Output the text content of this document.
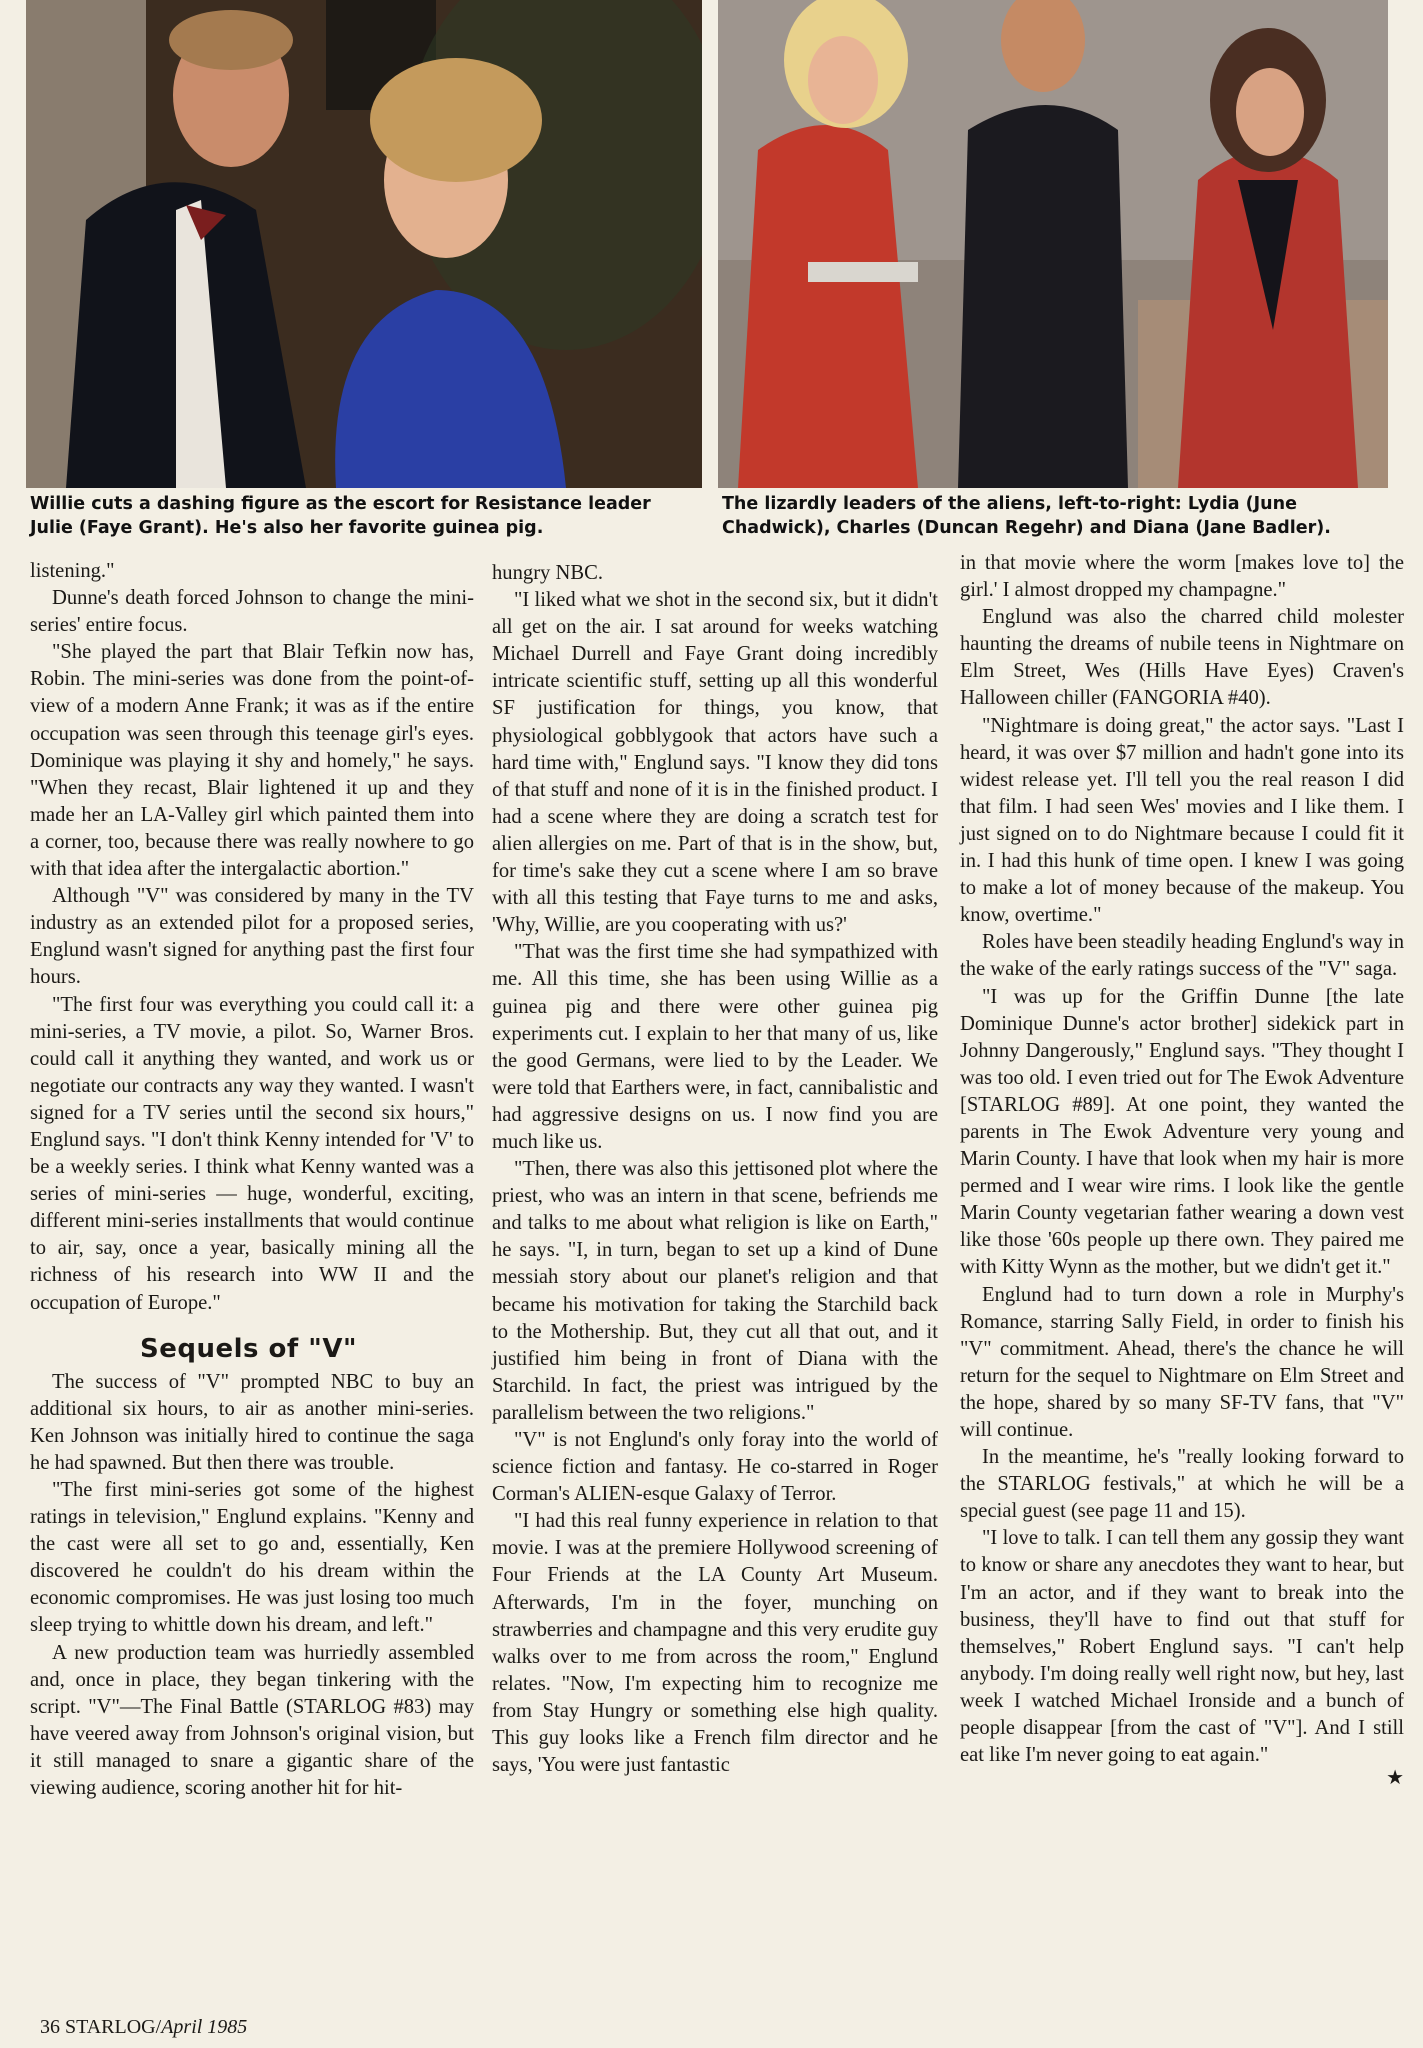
Willie cuts a dashing figure as the escort for Resistance leader Julie (Faye Grant). He's also her favorite guinea pig.
The lizardly leaders of the aliens, left-to-right: Lydia (June Chadwick), Charles (Duncan Regehr) and Diana (Jane Badler).

listening."

Dunne's death forced Johnson to change the mini-series' entire focus.

"She played the part that Blair Tefkin now has, Robin. The mini-series was done from the point-of-view of a modern Anne Frank; it was as if the entire occupation was seen through this teenage girl's eyes. Dominique was playing it shy and homely," he says. "When they recast, Blair lightened it up and they made her an LA-Valley girl which painted them into a corner, too, because there was really nowhere to go with that idea after the intergalactic abortion."

Although "V" was considered by many in the TV industry as an extended pilot for a proposed series, Englund wasn't signed for anything past the first four hours.

"The first four was everything you could call it: a mini-series, a TV movie, a pilot. So, Warner Bros. could call it anything they wanted, and work us or negotiate our contracts any way they wanted. I wasn't signed for a TV series until the second six hours," Englund says. "I don't think Kenny intended for 'V' to be a weekly series. I think what Kenny wanted was a series of mini-series — huge, wonderful, exciting, different mini-series installments that would continue to air, say, once a year, basically mining all the richness of his research into WW II and the occupation of Europe."

Sequels of "V"

The success of "V" prompted NBC to buy an additional six hours, to air as another mini-series. Ken Johnson was initially hired to continue the saga he had spawned. But then there was trouble.

"The first mini-series got some of the highest ratings in television," Englund explains. "Kenny and the cast were all set to go and, essentially, Ken discovered he couldn't do his dream within the economic compromises. He was just losing too much sleep trying to whittle down his dream, and left."

A new production team was hurriedly assembled and, once in place, they began tinkering with the script. "V"—The Final Battle (STARLOG #83) may have veered away from Johnson's original vision, but it still managed to snare a gigantic share of the viewing audience, scoring another hit for hit-

hungry NBC.

"I liked what we shot in the second six, but it didn't all get on the air. I sat around for weeks watching Michael Durrell and Faye Grant doing incredibly intricate scientific stuff, setting up all this wonderful SF justification for things, you know, that physiological gobblygook that actors have such a hard time with," Englund says. "I know they did tons of that stuff and none of it is in the finished product. I had a scene where they are doing a scratch test for alien allergies on me. Part of that is in the show, but, for time's sake they cut a scene where I am so brave with all this testing that Faye turns to me and asks, 'Why, Willie, are you cooperating with us?'

"That was the first time she had sympathized with me. All this time, she has been using Willie as a guinea pig and there were other guinea pig experiments cut. I explain to her that many of us, like the good Germans, were lied to by the Leader. We were told that Earthers were, in fact, cannibalistic and had aggressive designs on us. I now find you are much like us.

"Then, there was also this jettisoned plot where the priest, who was an intern in that scene, befriends me and talks to me about what religion is like on Earth," he says. "I, in turn, began to set up a kind of Dune messiah story about our planet's religion and that became his motivation for taking the Starchild back to the Mothership. But, they cut all that out, and it justified him being in front of Diana with the Starchild. In fact, the priest was intrigued by the parallelism between the two religions."

"V" is not Englund's only foray into the world of science fiction and fantasy. He co-starred in Roger Corman's ALIEN-esque Galaxy of Terror.

"I had this real funny experience in relation to that movie. I was at the premiere Hollywood screening of Four Friends at the LA County Art Museum. Afterwards, I'm in the foyer, munching on strawberries and champagne and this very erudite guy walks over to me from across the room," Englund relates. "Now, I'm expecting him to recognize me from Stay Hungry or something else high quality. This guy looks like a French film director and he says, 'You were just fantastic

in that movie where the worm [makes love to] the girl.' I almost dropped my champagne."

Englund was also the charred child molester haunting the dreams of nubile teens in Nightmare on Elm Street, Wes (Hills Have Eyes) Craven's Halloween chiller (FANGORIA #40).

"Nightmare is doing great," the actor says. "Last I heard, it was over $7 million and hadn't gone into its widest release yet. I'll tell you the real reason I did that film. I had seen Wes' movies and I like them. I just signed on to do Nightmare because I could fit it in. I had this hunk of time open. I knew I was going to make a lot of money because of the makeup. You know, overtime."

Roles have been steadily heading Englund's way in the wake of the early ratings success of the "V" saga.

"I was up for the Griffin Dunne [the late Dominique Dunne's actor brother] sidekick part in Johnny Dangerously," Englund says. "They thought I was too old. I even tried out for The Ewok Adventure [STARLOG #89]. At one point, they wanted the parents in The Ewok Adventure very young and Marin County. I have that look when my hair is more permed and I wear wire rims. I look like the gentle Marin County vegetarian father wearing a down vest like those '60s people up there own. They paired me with Kitty Wynn as the mother, but we didn't get it."

Englund had to turn down a role in Murphy's Romance, starring Sally Field, in order to finish his "V" commitment. Ahead, there's the chance he will return for the sequel to Nightmare on Elm Street and the hope, shared by so many SF-TV fans, that "V" will continue.

In the meantime, he's "really looking forward to the STARLOG festivals," at which he will be a special guest (see page 11 and 15).

"I love to talk. I can tell them any gossip they want to know or share any anecdotes they want to hear, but I'm an actor, and if they want to break into the business, they'll have to find out that stuff for themselves," Robert Englund says. "I can't help anybody. I'm doing really well right now, but hey, last week I watched Michael Ironside and a bunch of people disappear [from the cast of "V"]. And I still eat like I'm never going to eat again."

★
36 STARLOG/April 1985
